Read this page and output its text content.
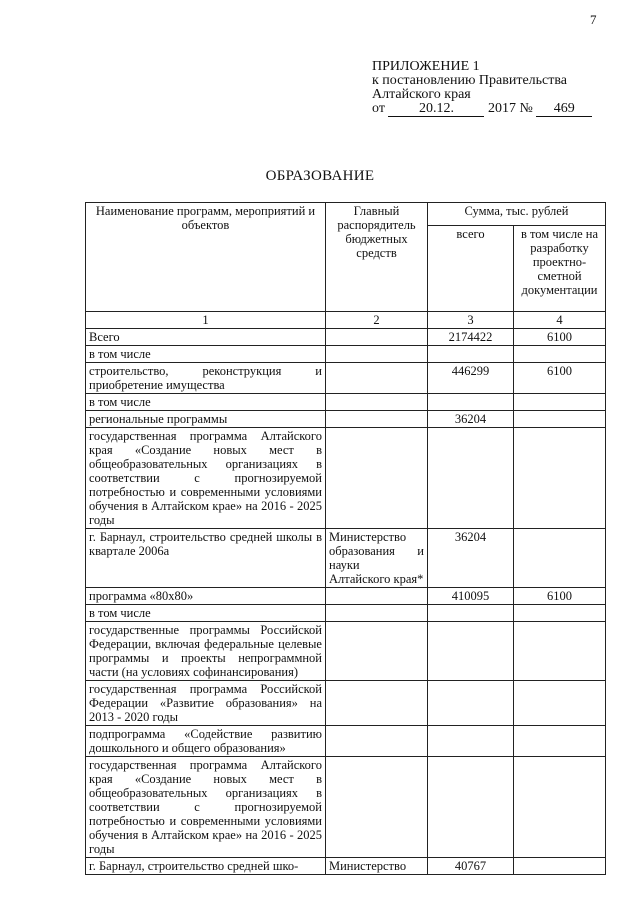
7
ПРИЛОЖЕНИЕ 1
к постановлению Правительства
Алтайского края
от 20.12. 2017 № 469
ОБРАЗОВАНИЕ
Наименование программ, мероприятий и объектов	Главный распорядитель бюджетных средств	Сумма, тыс. рублей	
		всего	в том числе на разработку проектно-сметной документации
1	2	3	4
Всего		2174422	6100
в том числе			
строительство, реконструкция и приобретение имущества		446299	6100
в том числе			
региональные программы		36204	
государственная программа Алтайского края «Создание новых мест в общеобразовательных организациях в соответствии с прогнозируемой потребностью и современными условиями обучения в Алтайском крае» на 2016 - 2025 годы			
г. Барнаул, строительство средней школы в квартале 2006а	Министерство образования и науки Алтайского края*	36204	
программа «80х80»		410095	6100
в том числе			
государственные программы Российской Федерации, включая федеральные целевые программы и проекты непрограммной части (на условиях софинансирования)			
государственная программа Российской Федерации «Развитие образования» на 2013 - 2020 годы			
подпрограмма «Содействие развитию дошкольного и общего образования»			
государственная программа Алтайского края «Создание новых мест в общеобразовательных организациях в соответствии с прогнозируемой потребностью и современными условиями обучения в Алтайском крае» на 2016 - 2025 годы			
г. Барнаул, строительство средней шко-	Министерство	40767	
